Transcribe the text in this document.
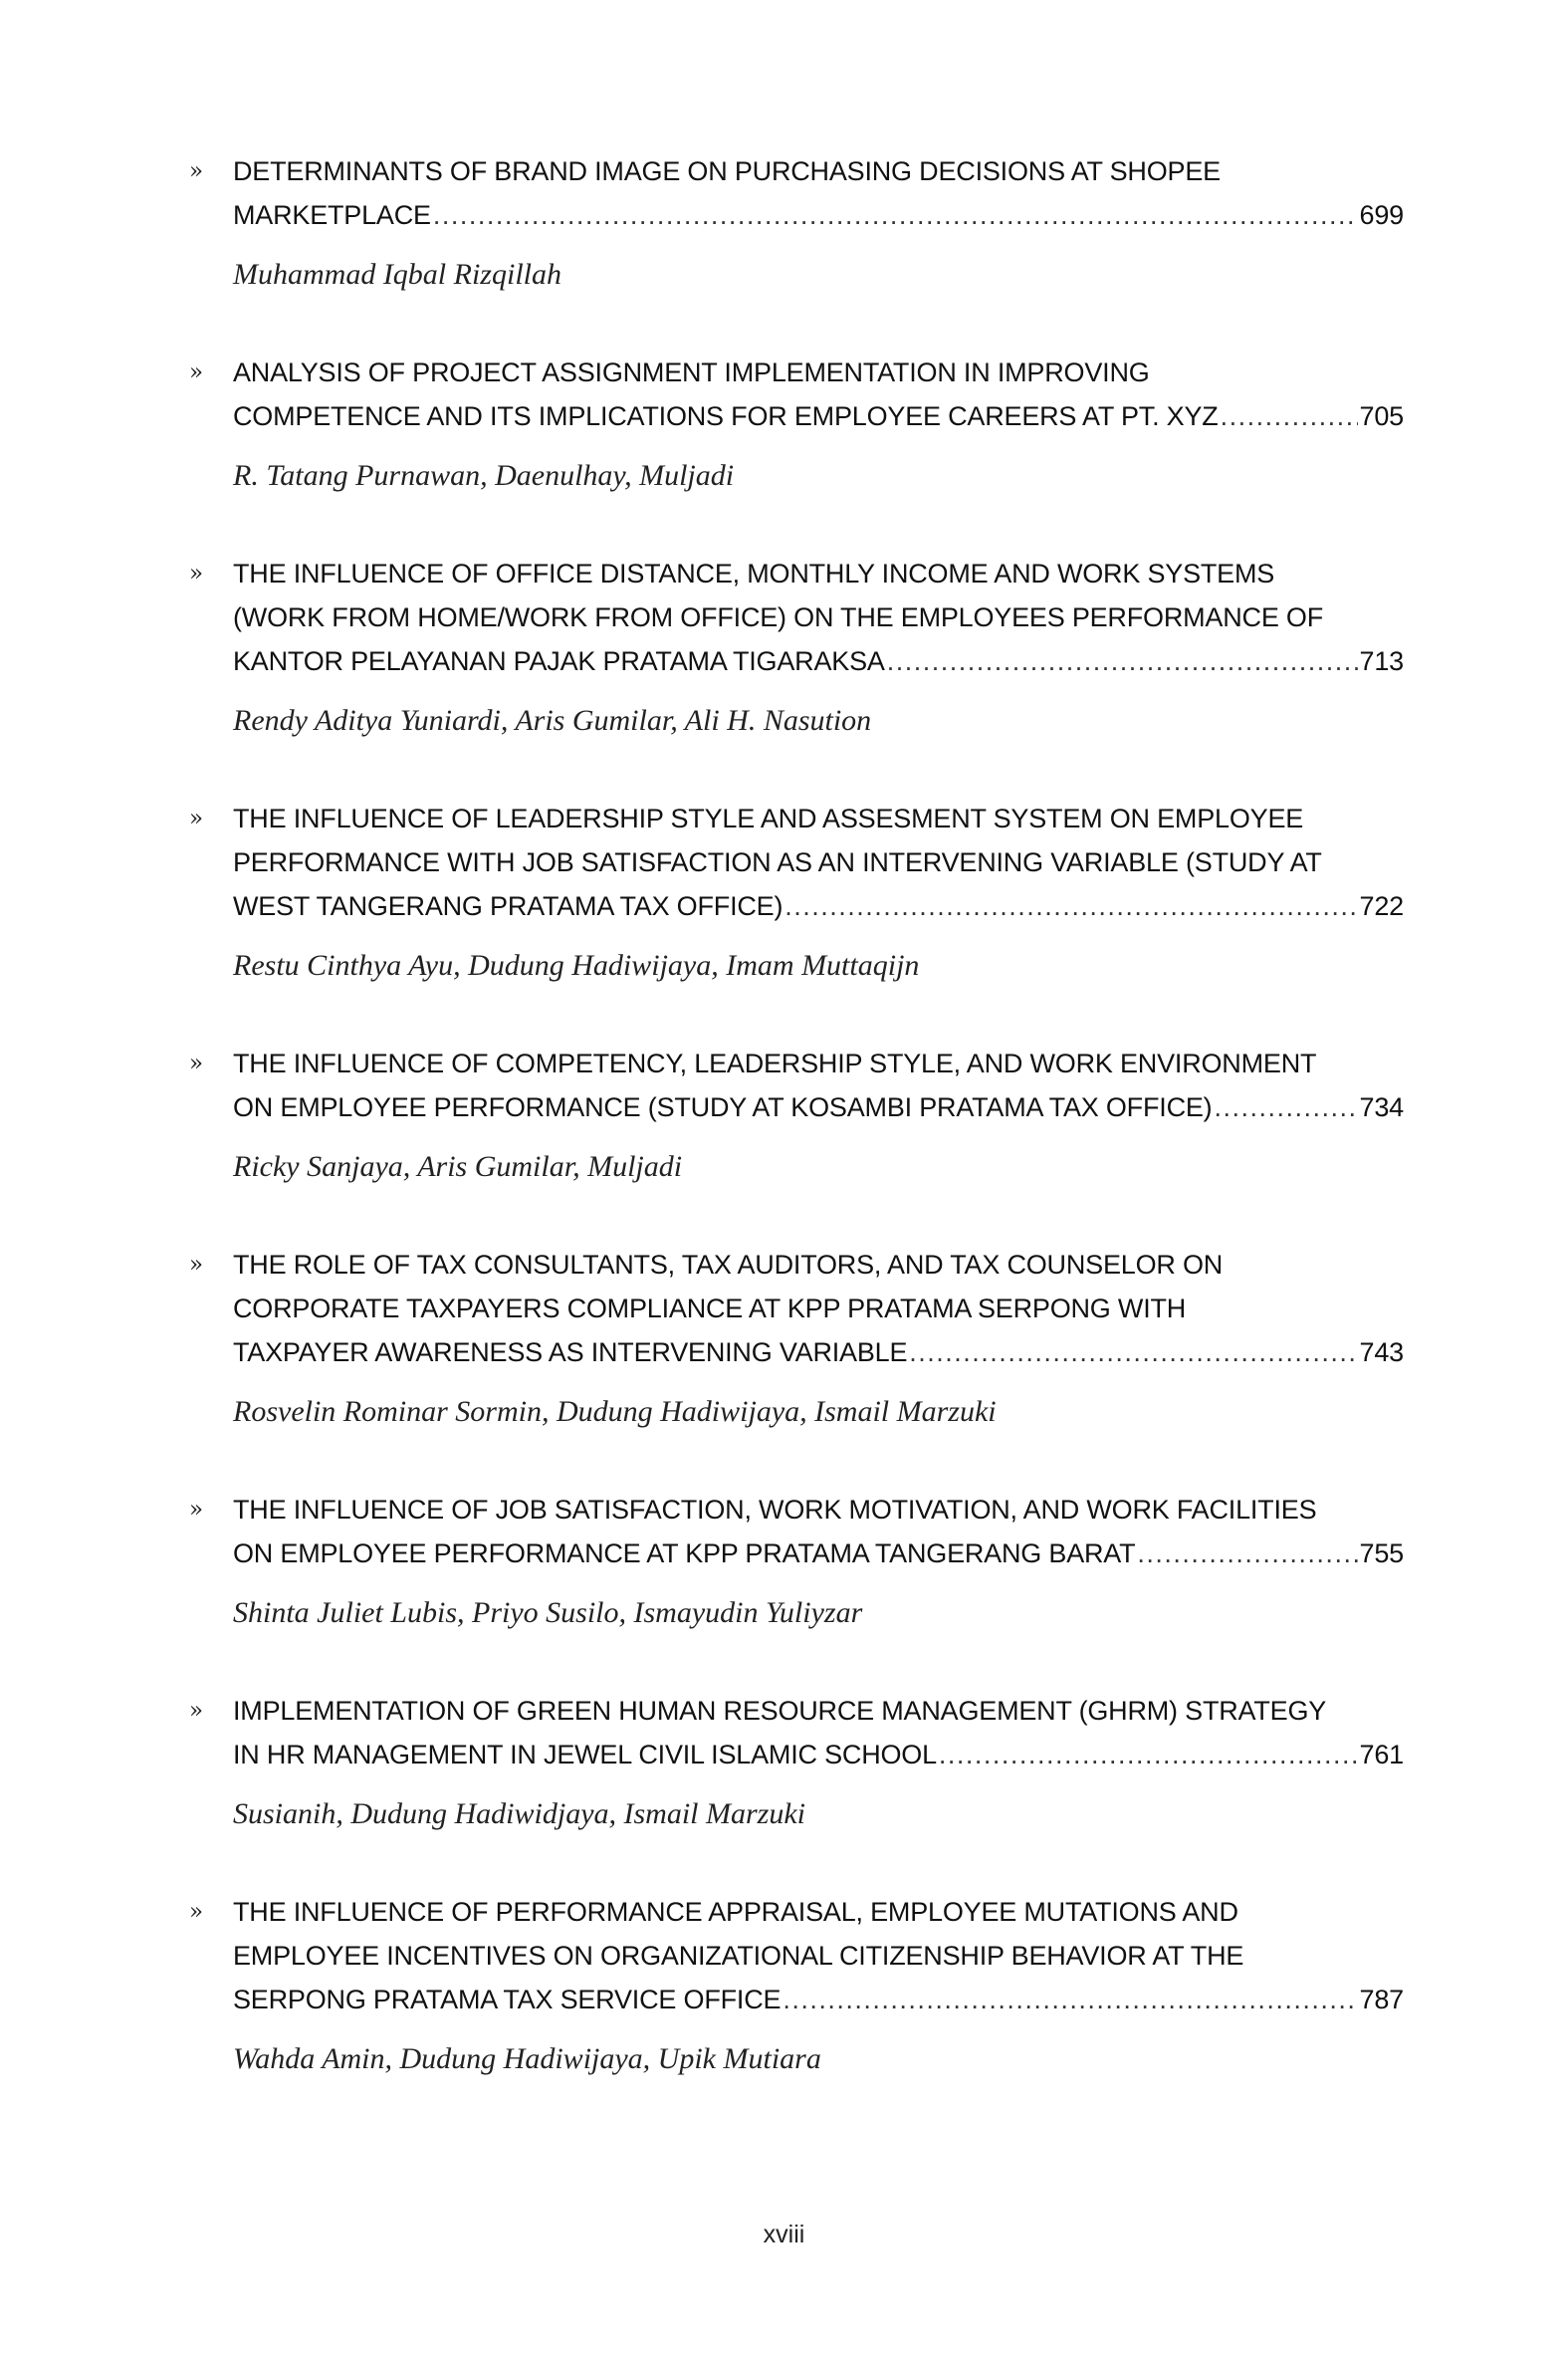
» DETERMINANTS OF BRAND IMAGE ON PURCHASING DECISIONS AT SHOPEE
MARKETPLACE .....	699
Muhammad Iqbal Rizqillah
» ANALYSIS OF PROJECT ASSIGNMENT IMPLEMENTATION IN IMPROVING
COMPETENCE AND ITS IMPLICATIONS FOR EMPLOYEE CAREERS AT PT. XYZ .....	705
R. Tatang Purnawan, Daenulhay, Muljadi
» THE INFLUENCE OF OFFICE DISTANCE, MONTHLY INCOME AND WORK SYSTEMS
(WORK FROM HOME/WORK FROM OFFICE) ON THE EMPLOYEES PERFORMANCE OF
KANTOR PELAYANAN PAJAK PRATAMA TIGARAKSA .....	713
Rendy Aditya Yuniardi, Aris Gumilar, Ali H. Nasution
» THE INFLUENCE OF LEADERSHIP STYLE AND ASSESMENT SYSTEM ON EMPLOYEE
PERFORMANCE WITH JOB SATISFACTION AS AN INTERVENING VARIABLE (STUDY AT
WEST TANGERANG PRATAMA TAX OFFICE) .....	722
Restu Cinthya Ayu, Dudung Hadiwijaya, Imam Muttaqijn
» THE INFLUENCE OF COMPETENCY, LEADERSHIP STYLE, AND WORK ENVIRONMENT
ON EMPLOYEE PERFORMANCE (STUDY AT KOSAMBI PRATAMA TAX OFFICE) .....	734
Ricky Sanjaya, Aris Gumilar, Muljadi
» THE ROLE OF TAX CONSULTANTS, TAX AUDITORS, AND TAX COUNSELOR ON
CORPORATE TAXPAYERS COMPLIANCE AT KPP PRATAMA SERPONG WITH
TAXPAYER AWARENESS AS INTERVENING VARIABLE .....	743
Rosvelin Rominar Sormin, Dudung Hadiwijaya, Ismail Marzuki
» THE INFLUENCE OF JOB SATISFACTION, WORK MOTIVATION, AND WORK FACILITIES
ON EMPLOYEE PERFORMANCE AT KPP PRATAMA TANGERANG BARAT .....	755
Shinta Juliet Lubis, Priyo Susilo, Ismayudin Yuliyzar
» IMPLEMENTATION OF GREEN HUMAN RESOURCE MANAGEMENT (GHRM) STRATEGY
IN HR MANAGEMENT IN JEWEL CIVIL ISLAMIC SCHOOL .....	761
Susianih, Dudung Hadiwidjaya, Ismail Marzuki
» THE INFLUENCE OF PERFORMANCE APPRAISAL, EMPLOYEE MUTATIONS AND
EMPLOYEE INCENTIVES ON ORGANIZATIONAL CITIZENSHIP BEHAVIOR AT THE
SERPONG PRATAMA TAX SERVICE OFFICE .....	787
Wahda Amin, Dudung Hadiwijaya, Upik Mutiara
xviii
